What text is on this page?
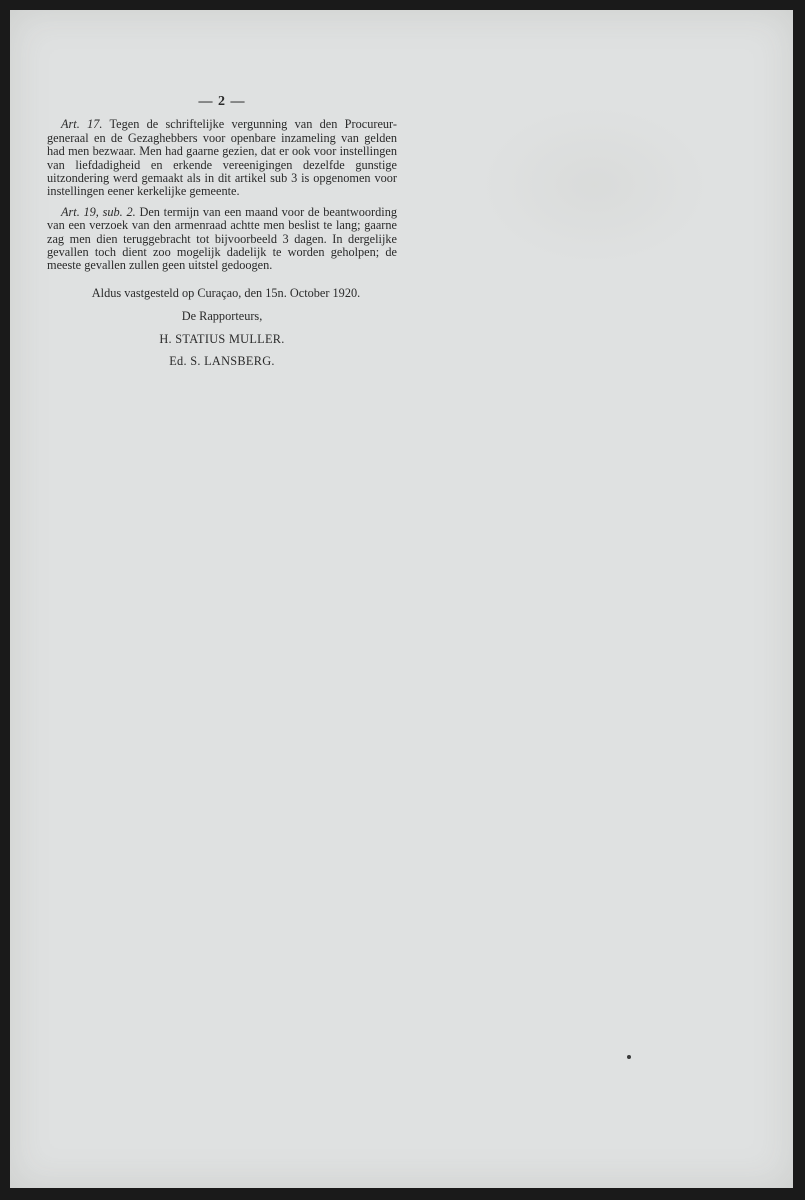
— 2 —

Art. 17. Tegen de schriftelijke vergunning van den Procureur-generaal en de Gezaghebbers voor openbare inzameling van gelden had men bezwaar. Men had gaarne gezien, dat er ook voor instellingen van liefdadigheid en erkende vereenigingen dezelfde gunstige uitzondering werd gemaakt als in dit artikel sub 3 is opgenomen voor instellingen eener kerkelijke gemeente.

Art. 19, sub. 2. Den termijn van een maand voor de beantwoording van een verzoek van den armenraad achtte men beslist te lang; gaarne zag men dien teruggebracht tot bijvoorbeeld 3 dagen. In dergelijke gevallen toch dient zoo mogelijk dadelijk te worden geholpen; de meeste gevallen zullen geen uitstel gedoogen.

Aldus vastgesteld op Curaçao, den 15n. October 1920.
De Rapporteurs,
H. STATIUS MULLER.
Ed. S. LANSBERG.
